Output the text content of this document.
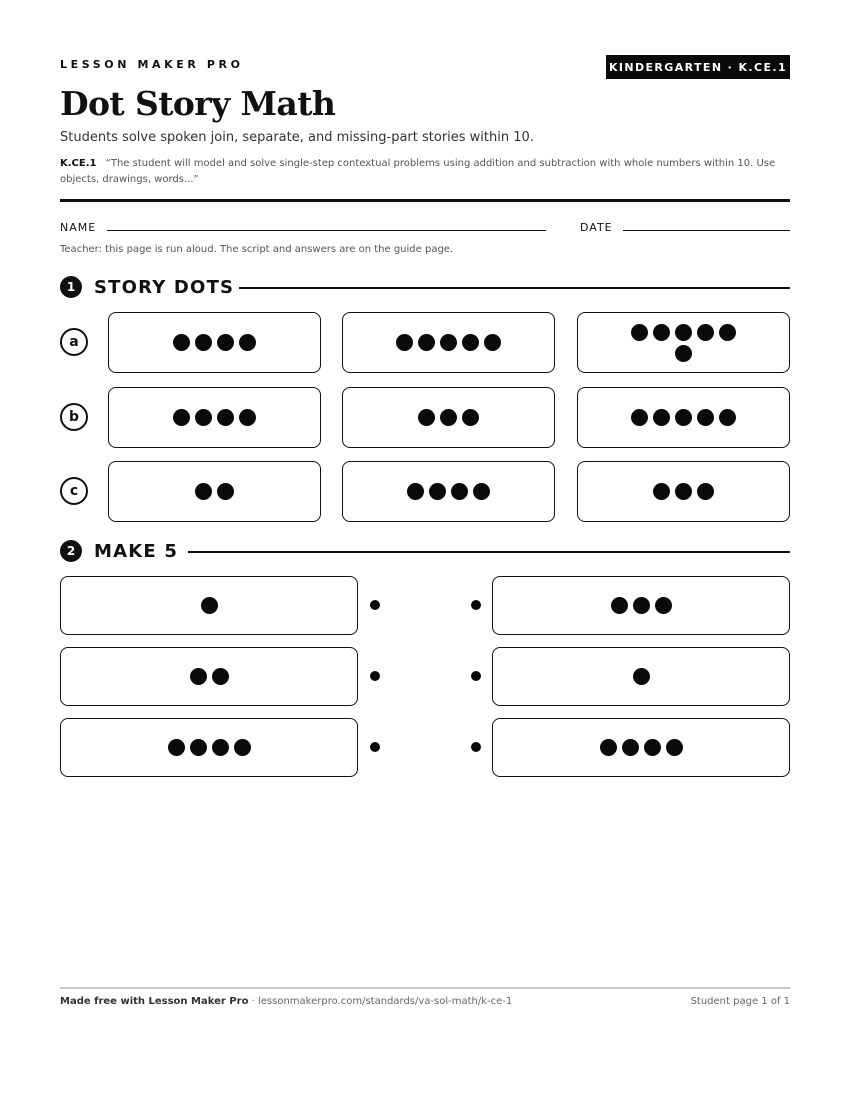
LESSON MAKER PRO	KINDERGARTEN · K.CE.1
Dot Story Math
Students solve spoken join, separate, and missing-part stories within 10.
K.CE.1 “The student will model and solve single-step contextual problems using addition and subtraction with whole numbers within 10. Use objects, drawings, words...”
NAME	DATE
Teacher: this page is run aloud. The script and answers are on the guide page.
1	STORY DOTS
a
b
c
2	MAKE 5
Made free with Lesson Maker Pro · lessonmakerpro.com/standards/va-sol-math/k-ce-1	Student page 1 of 1
